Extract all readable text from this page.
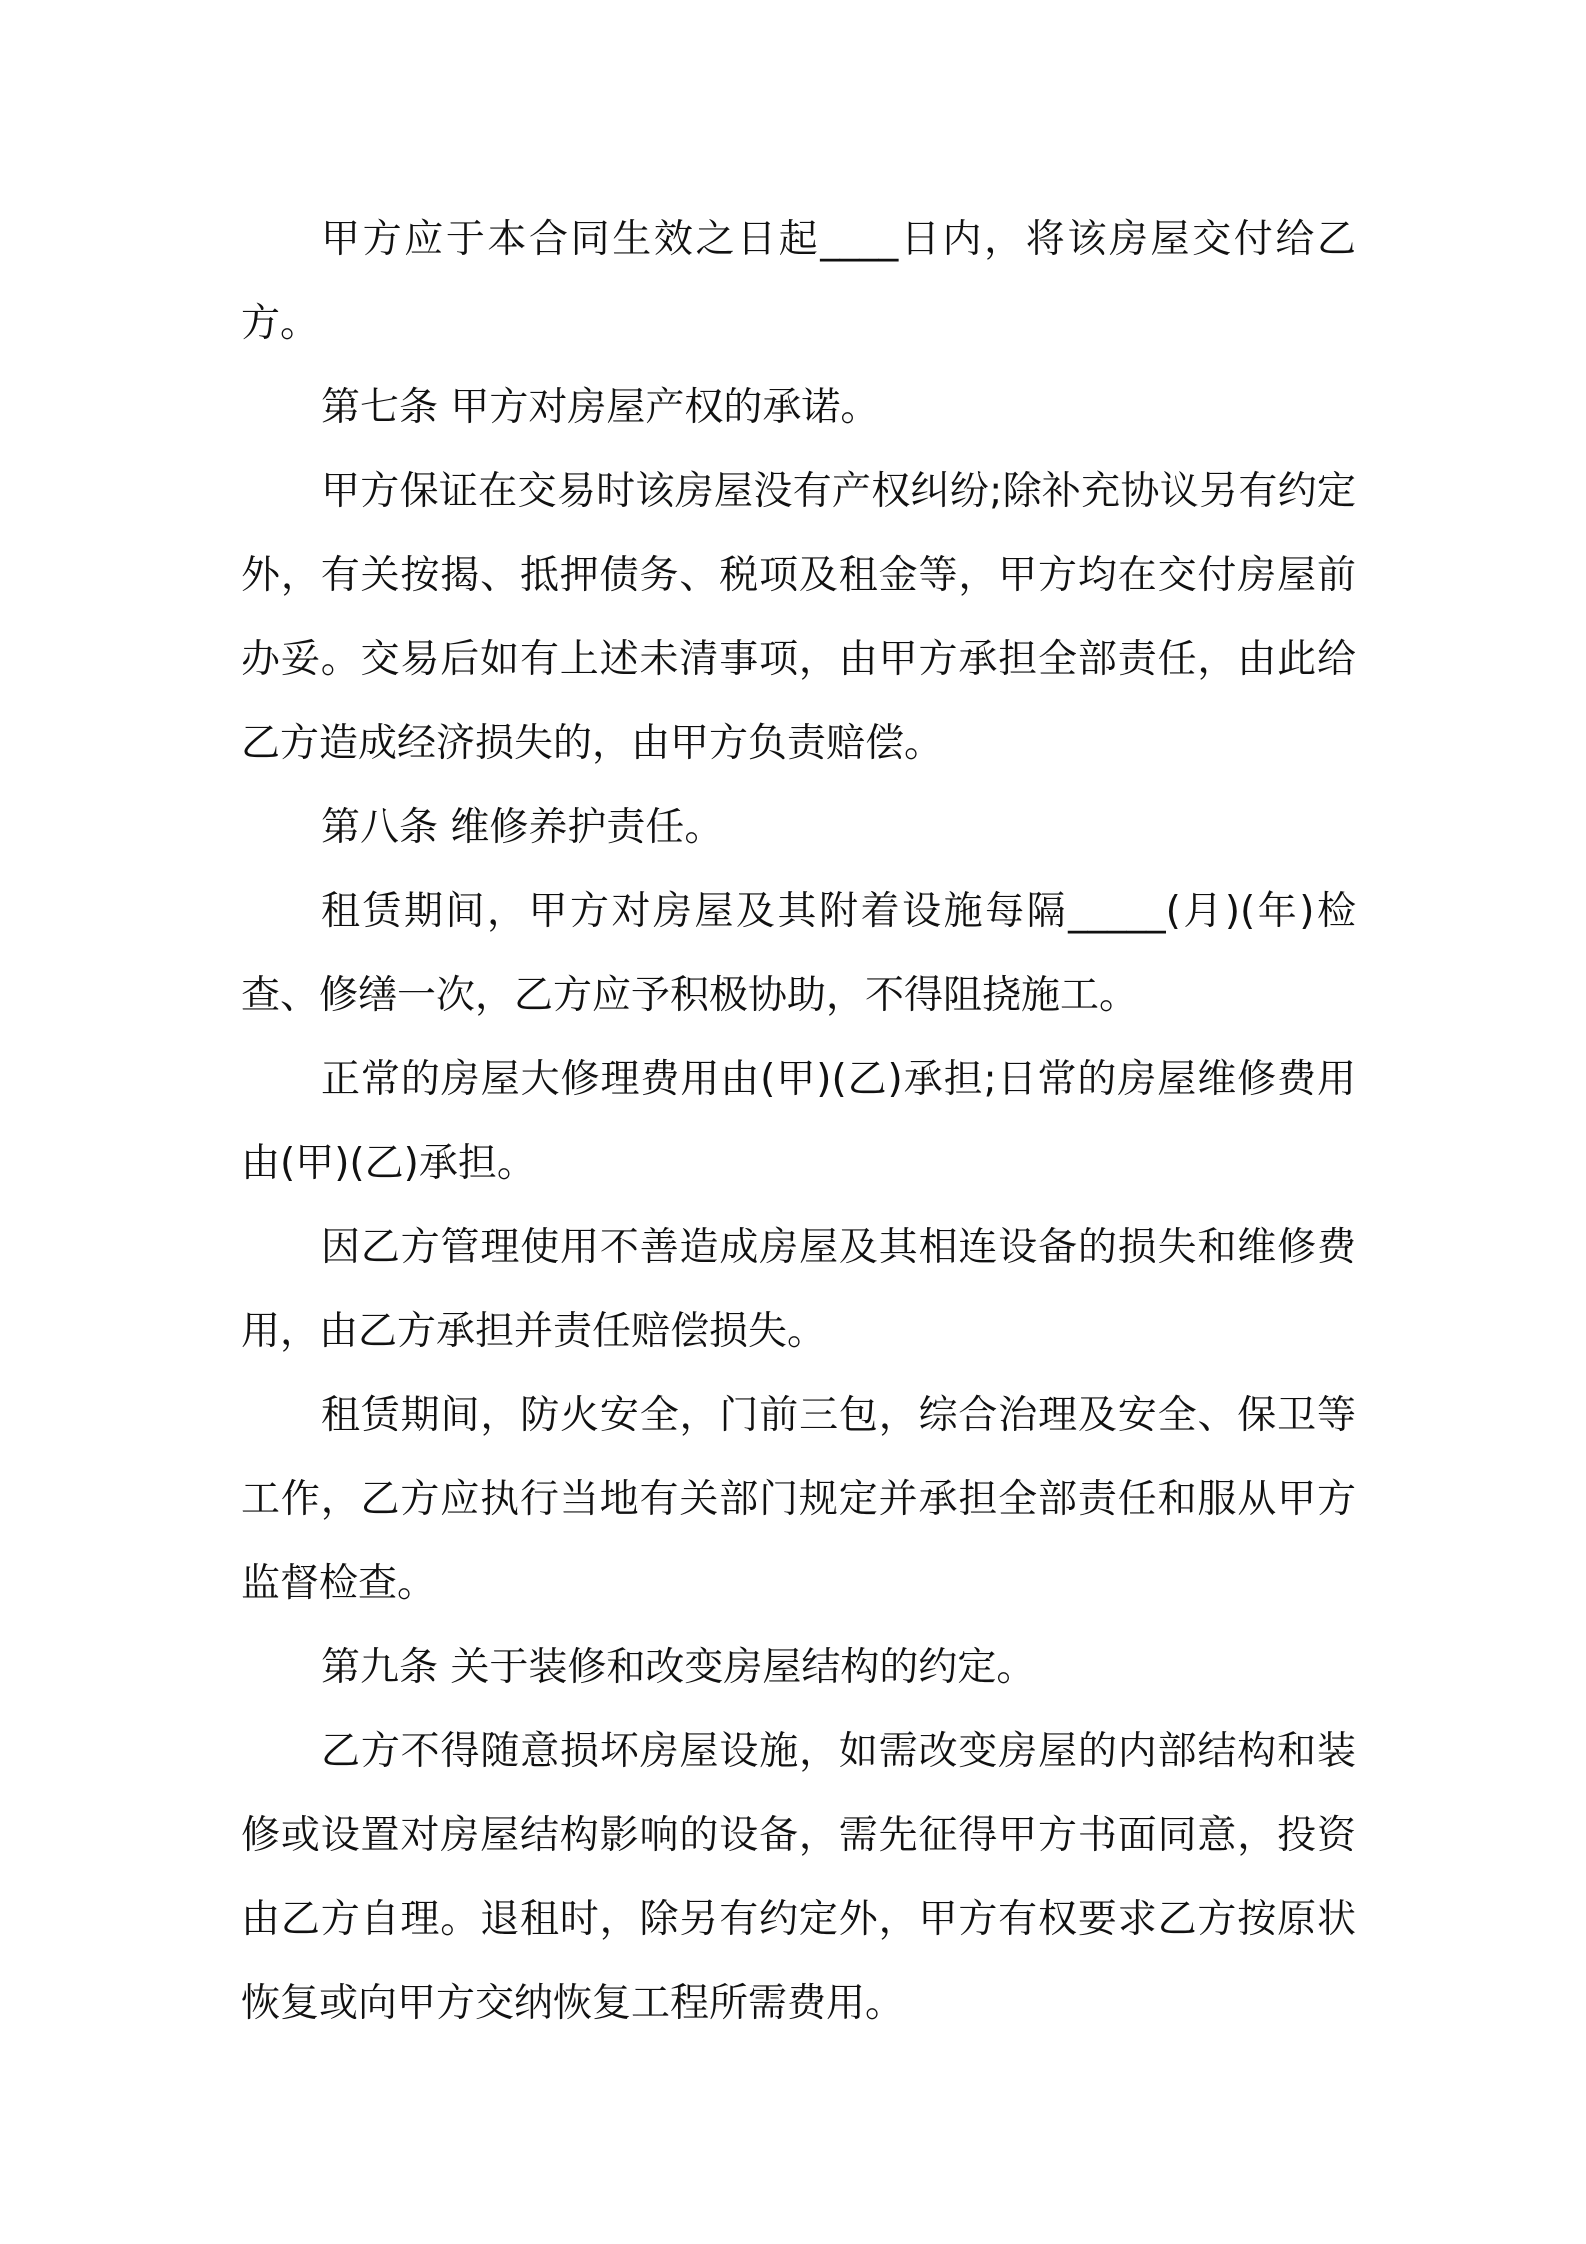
甲方应于本合同生效之日起____日内，将该房屋交付给乙方。

第七条 甲方对房屋产权的承诺。

甲方保证在交易时该房屋没有产权纠纷;除补充协议另有约定外，有关按揭、抵押债务、税项及租金等，甲方均在交付房屋前办妥。交易后如有上述未清事项，由甲方承担全部责任，由此给乙方造成经济损失的，由甲方负责赔偿。

第八条 维修养护责任。

租赁期间，甲方对房屋及其附着设施每隔_____(月)(年)检查、修缮一次，乙方应予积极协助，不得阻挠施工。

正常的房屋大修理费用由(甲)(乙)承担;日常的房屋维修费用由(甲)(乙)承担。

因乙方管理使用不善造成房屋及其相连设备的损失和维修费用，由乙方承担并责任赔偿损失。

租赁期间，防火安全，门前三包，综合治理及安全、保卫等工作，乙方应执行当地有关部门规定并承担全部责任和服从甲方监督检查。

第九条 关于装修和改变房屋结构的约定。

乙方不得随意损坏房屋设施，如需改变房屋的内部结构和装修或设置对房屋结构影响的设备，需先征得甲方书面同意，投资由乙方自理。退租时，除另有约定外，甲方有权要求乙方按原状恢复或向甲方交纳恢复工程所需费用。
